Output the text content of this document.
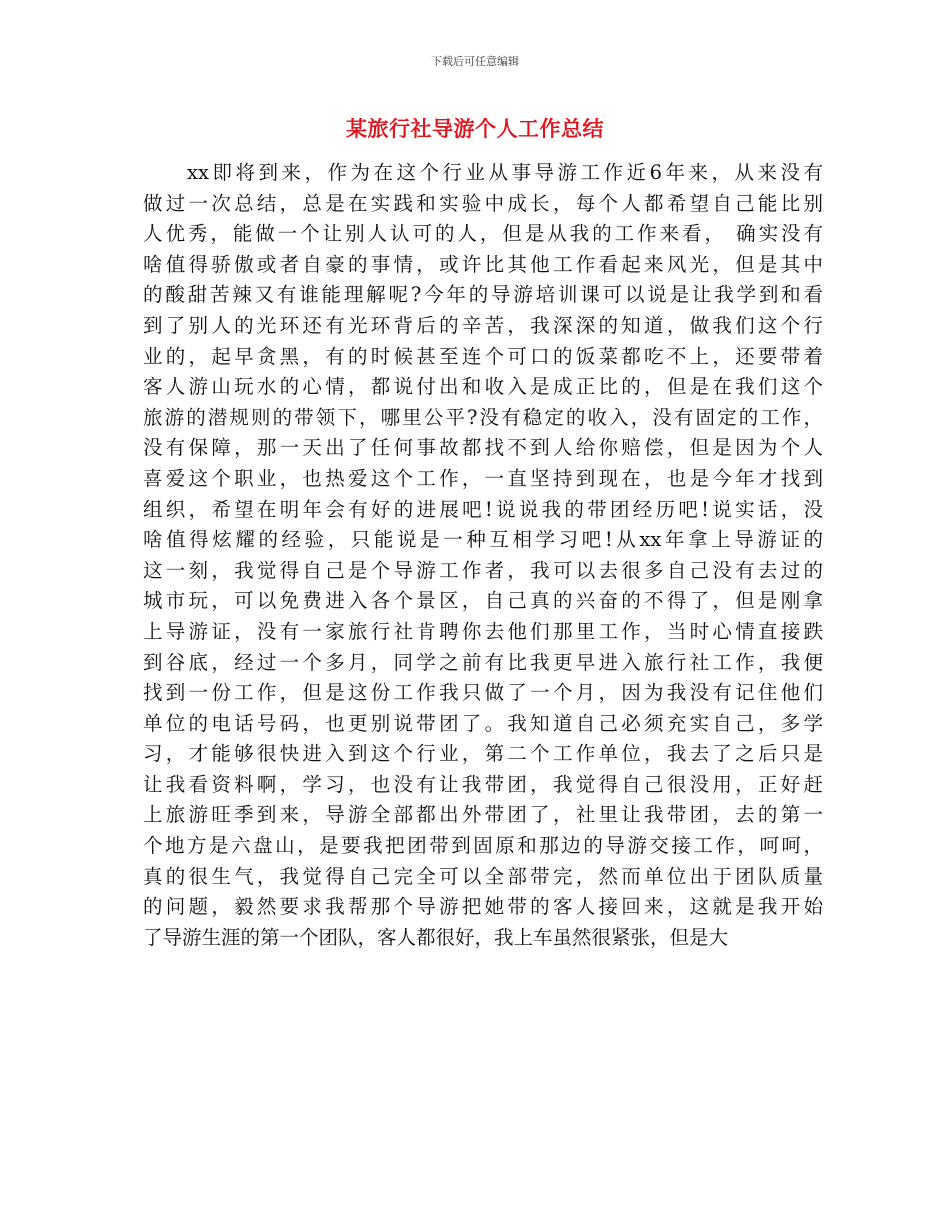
下载后可任意编辑
某旅行社导游个人工作总结
xx即将到来，作为在这个行业从事导游工作近6年来，从来没有
做过一次总结，总是在实践和实验中成长，每个人都希望自己能比别
人优秀，能做一个让别人认可的人，但是从我的工作来看， 确实没有
啥值得骄傲或者自豪的事情，或许比其他工作看起来风光，但是其中
的酸甜苦辣又有谁能理解呢?今年的导游培训课可以说是让我学到和看
到了别人的光环还有光环背后的辛苦，我深深的知道，做我们这个行
业的，起早贪黑，有的时候甚至连个可口的饭菜都吃不上，还要带着
客人游山玩水的心情，都说付出和收入是成正比的，但是在我们这个
旅游的潜规则的带领下，哪里公平?没有稳定的收入，没有固定的工作，
没有保障，那一天出了任何事故都找不到人给你赔偿，但是因为个人
喜爱这个职业，也热爱这个工作，一直坚持到现在，也是今年才找到
组织，希望在明年会有好的进展吧!说说我的带团经历吧!说实话，没
啥值得炫耀的经验，只能说是一种互相学习吧!从xx年拿上导游证的
这一刻，我觉得自己是个导游工作者，我可以去很多自己没有去过的
城市玩，可以免费进入各个景区，自己真的兴奋的不得了，但是刚拿
上导游证，没有一家旅行社肯聘你去他们那里工作，当时心情直接跌
到谷底，经过一个多月，同学之前有比我更早进入旅行社工作，我便
找到一份工作，但是这份工作我只做了一个月，因为我没有记住他们
单位的电话号码，也更别说带团了。我知道自己必须充实自己，多学
习，才能够很快进入到这个行业，第二个工作单位，我去了之后只是
让我看资料啊，学习，也没有让我带团，我觉得自己很没用，正好赶
上旅游旺季到来，导游全部都出外带团了，社里让我带团，去的第一
个地方是六盘山，是要我把团带到固原和那边的导游交接工作，呵呵，
真的很生气，我觉得自己完全可以全部带完，然而单位出于团队质量
的问题，毅然要求我帮那个导游把她带的客人接回来，这就是我开始
了导游生涯的第一个团队，客人都很好，我上车虽然很紧张，但是大
